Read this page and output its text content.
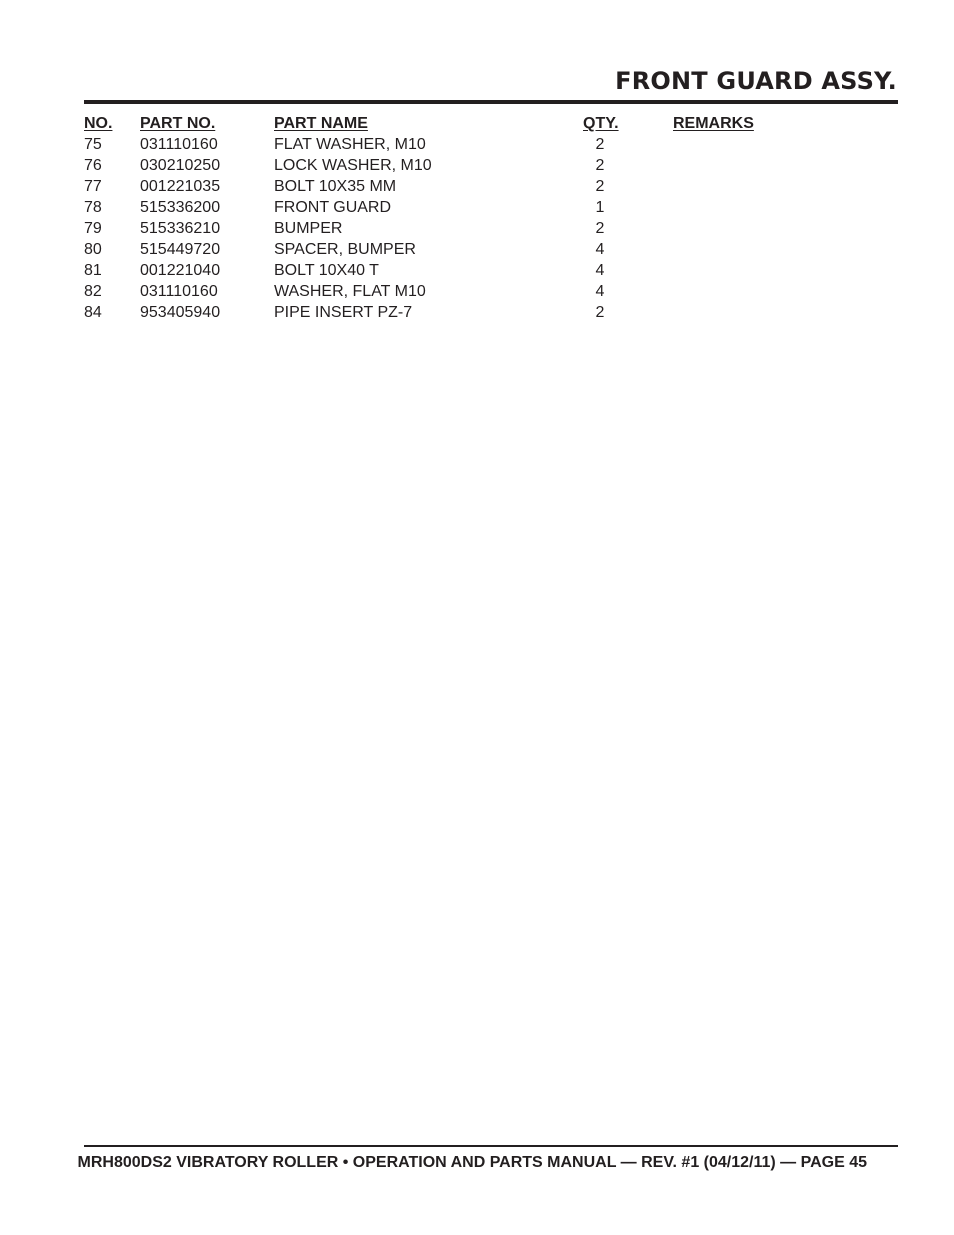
FRONT GUARD ASSY.
NO. PART NO.	PART NAME	QTY.	REMARKS
75 031110160	FLAT WASHER, M10	2
76 030210250	LOCK WASHER, M10	2
77 001221035	BOLT 10X35 MM	2
78 515336200	FRONT GUARD	1
79 515336210	BUMPER	2
80 515449720	SPACER, BUMPER	4
81 001221040	BOLT 10X40 T	4
82 031110160	WASHER, FLAT M10	4
84 953405940	PIPE INSERT PZ-7	2
MRH800DS2 VIBRATORY ROLLER • OPERATION AND PARTS MANUAL — REV. #1 (04/12/11) — PAGE 45
